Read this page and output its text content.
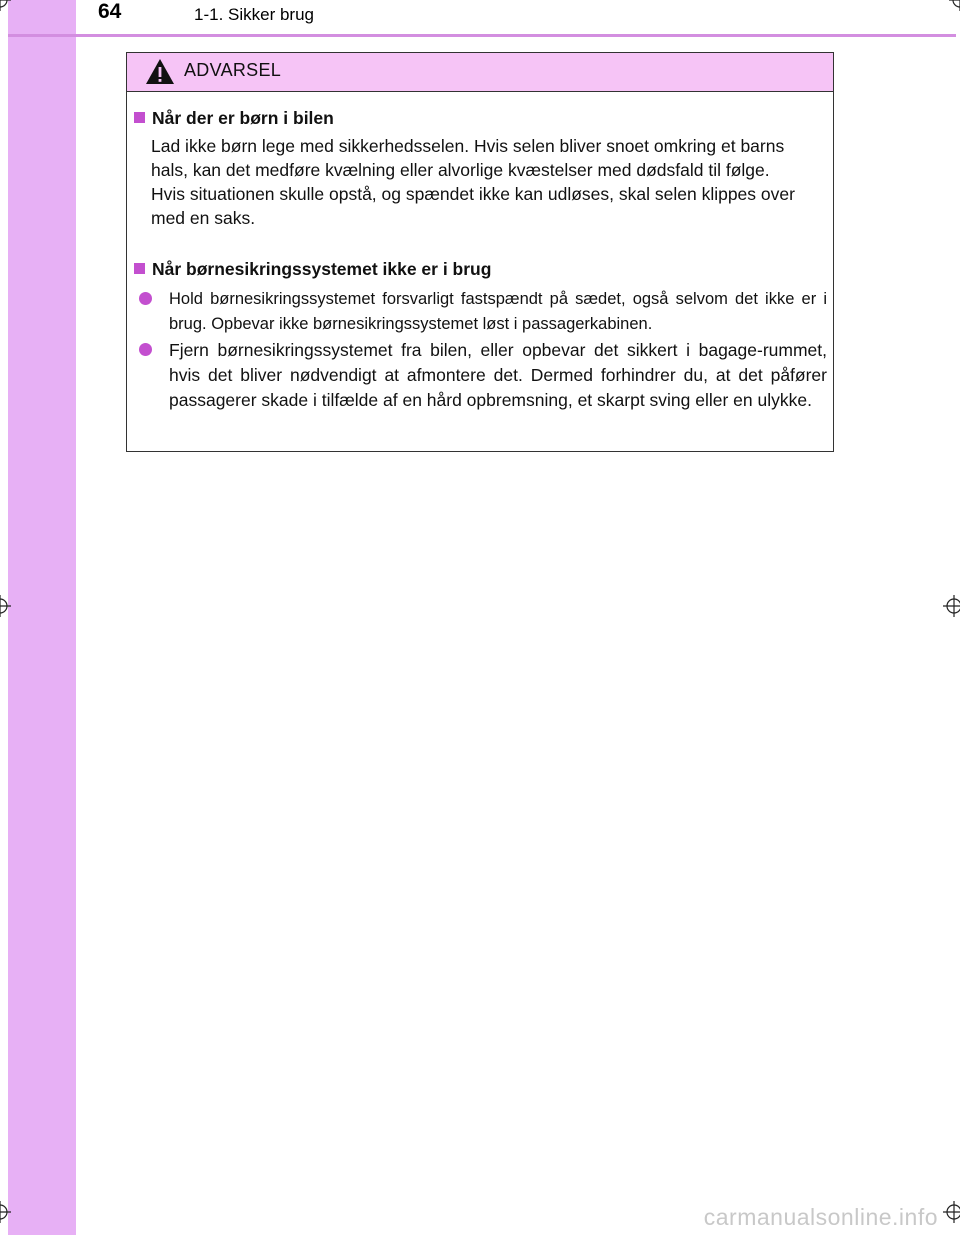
64	1-1. Sikker brug
ADVARSEL
Når der er børn i bilen
Lad ikke børn lege med sikkerhedsselen. Hvis selen bliver snoet omkring et barns hals, kan det medføre kvælning eller alvorlige kvæstelser med dødsfald til følge.
Hvis situationen skulle opstå, og spændet ikke kan udløses, skal selen klippes over med en saks.
Når børnesikringssystemet ikke er i brug
Hold børnesikringssystemet forsvarligt fastspændt på sædet, også selvom det ikke er i brug. Opbevar ikke børnesikringssystemet løst i passagerkabinen.
Fjern børnesikringssystemet fra bilen, eller opbevar det sikkert i bagage-rummet, hvis det bliver nødvendigt at afmontere det. Dermed forhindrer du, at det påfører passagerer skade i tilfælde af en hård opbremsning, et skarpt sving eller en ulykke.
carmanualsonline.info
